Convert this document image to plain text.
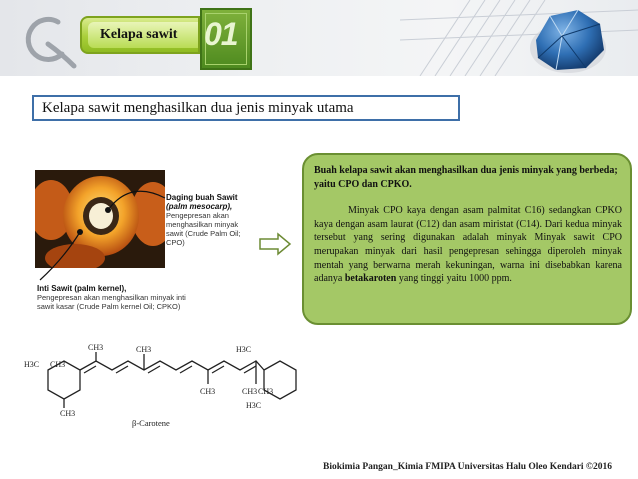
Kelapa sawit 01
Kelapa sawit menghasilkan dua jenis minyak utama
Daging buah Sawit
(palm mesocarp),
Pengepresan akan
menghasilkan minyak
sawit (Crude Palm Oil;
CPO)
Inti Sawit (palm kernel),
Pengepresan akan menghasilkan minyak inti
sawit kasar (Crude Palm kernel Oil; CPKO)

Buah kelapa sawit akan menghasilkan dua jenis minyak yang berbeda; yaitu CPO dan CPKO.

Minyak CPO kaya dengan asam palmitat C16) sedangkan CPKO kaya dengan asam laurat (C12) dan asam miristat (C14). Dari kedua minyak tersebut yang sering digunakan adalah minyak Minyak sawit CPO merupakan minyak dari hasil pengepresan sehingga diperoleh minyak mentah yang berwarna merah kekuningan, warna ini disebabkan karena adanya betakaroten yang tinggi yaitu 1000 ppm.

H3C CH3
CH3	CH3	H3C
CH3	CH3 CH3
H3C
CH3
β-Carotene
Biokimia Pangan_Kimia FMIPA Universitas Halu Oleo Kendari ©2016
